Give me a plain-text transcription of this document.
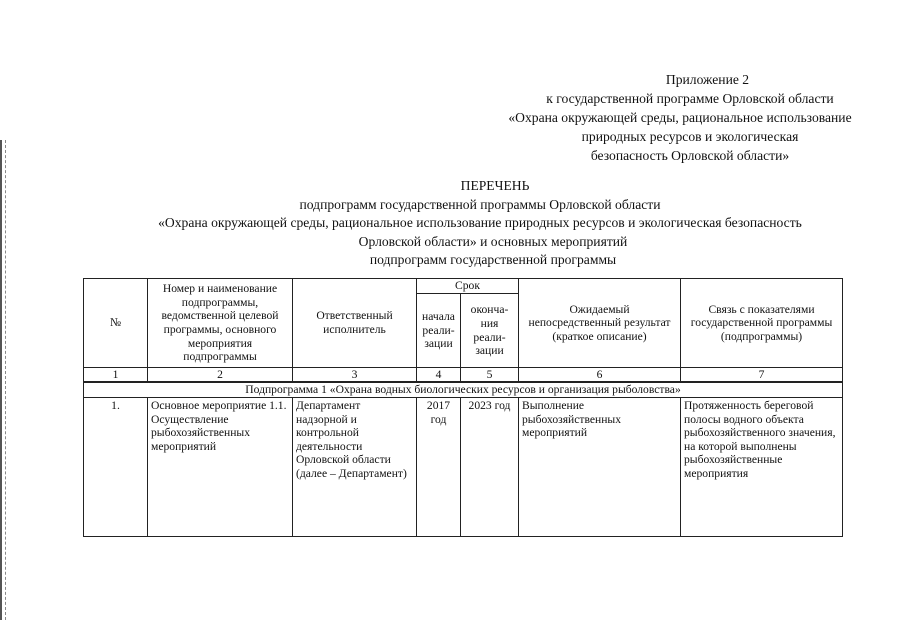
Приложение 2
к государственной программе Орловской области
«Охрана окружающей среды, рациональное использование
природных ресурсов и экологическая
безопасность Орловской области»
ПЕРЕЧЕНЬ
подпрограмм государственной программы Орловской области
«Охрана окружающей среды, рациональное использование природных ресурсов и экологическая безопасность
Орловской области» и основных мероприятий
подпрограмм государственной программы
№	Номер и наименование подпрограммы, ведомственной целевой программы, основного мероприятия подпрограммы	Ответственный исполнитель	Срок		Ожидаемый непосредственный результат (краткое описание)	Связь с показателями государственной программы (подпрограммы)
			начала реали-зации	оконча-ния реали-зации		
1	2	3	4	5	6	7
Подпрограмма 1 «Охрана водных биологических ресурсов и организация рыболовства»						
1.	Основное мероприятие 1.1. Осуществление рыбохозяйственных мероприятий	Департамент надзорной и контрольной деятельности Орловской области (далее – Департамент)	2017 год	2023 год	Выполнение рыбохозяйственных мероприятий	Протяженность береговой полосы водного объекта рыбохозяйственного значения, на которой выполнены рыбохозяйственные мероприятия
